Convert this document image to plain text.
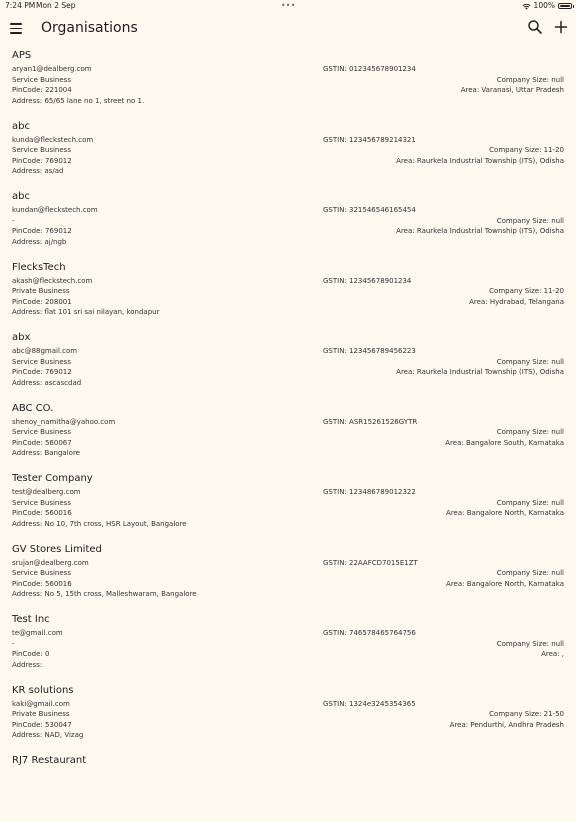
7:24 PM Mon 2 Sep	•••	100%
Organisations
APS
aryan1@dealberg.com	GSTIN: 012345678901234
Service Business	Company Size: null
PinCode: 221004	Area: Varanasi, Uttar Pradesh
Address: 65/65 lane no 1, street no 1.
abc
kunda@fleckstech.com	GSTIN: 123456789214321
Service Business	Company Size: 11-20
PinCode: 769012	Area: Raurkela Industrial Township (ITS), Odisha
Address: as/ad
abc
kundan@fleckstech.com	GSTIN: 321546546165454
-	Company Size: null
PinCode: 769012	Area: Raurkela Industrial Township (ITS), Odisha
Address: aj/ngb
FlecksTech
akash@fleckstech.com	GSTIN: 12345678901234
Private Business	Company Size: 11-20
PinCode: 208001	Area: Hydrabad, Telangana
Address: flat 101 sri sai nilayan, kondapur
abx
abc@88gmail.com	GSTIN: 123456789456223
Service Business	Company Size: null
PinCode: 769012	Area: Raurkela Industrial Township (ITS), Odisha
Address: ascascdad
ABC CO.
shenoy_namitha@yahoo.com	GSTIN: ASR15261526GYTR
Service Business	Company Size: null
PinCode: 560067	Area: Bangalore South, Karnataka
Address: Bangalore
Tester Company
test@dealberg.com	GSTIN: 123486789012322
Service Business	Company Size: null
PinCode: 560016	Area: Bangalore North, Karnataka
Address: No 10, 7th cross, HSR Layout, Bangalore
GV Stores Limited
srujan@dealberg.com	GSTIN: 22AAFCD7015E1ZT
Service Business	Company Size: null
PinCode: 560016	Area: Bangalore North, Karnataka
Address: No 5, 15th cross, Malleshwaram, Bangalore
Test Inc
te@gmail.com	GSTIN: 746578465764756
-	Company Size: null
PinCode: 0	Area: ,
Address:
KR solutions
kaki@gmail.com	GSTIN: 1324e3245354365
Private Business	Company Size: 21-50
PinCode: 530047	Area: Pendurthi, Andhra Pradesh
Address: NAD, Vizag
RJ7 Restaurant
